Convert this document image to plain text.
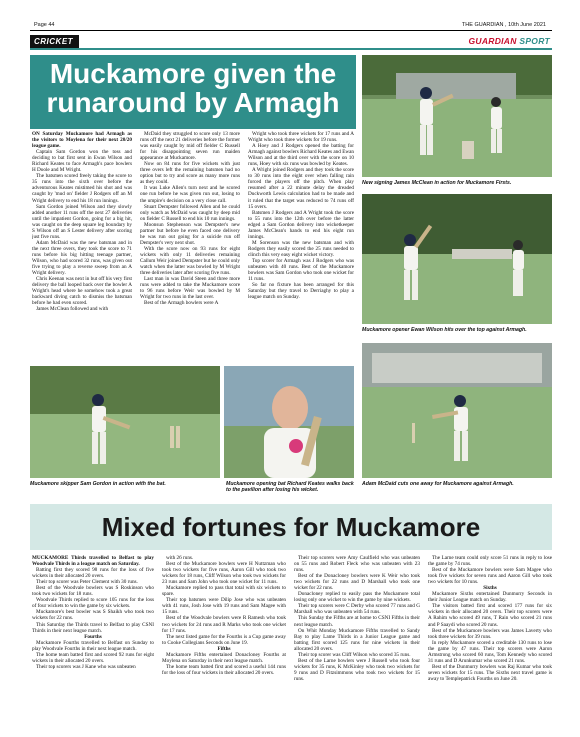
Page 44	THE GUARDIAN , 10th June 2021
CRICKET	GUARDIAN SPORT
Muckamore given the
runaround by Armagh

ON Saturday Muckamore had Armagh as the visitors to Moylena for their next 20/20 league game.

Captain Sam Gordon won the toss and deciding to bat first sent in Ewan Wilson and Richard Keates to face Armagh's pace bowlers H Doole and M Wright.

The batsmen scored freely taking the score to 35 runs into the sixth over before the adventurous Keates mistimed his shot and was caught by 'mud on' fielder J Rodgers off an M Wright delivery to end his 18 run innings.

Sam Gordon joined Wilson and they slowly added another 11 runs off the next 27 deliveries until the impatient Gordon, going for a big hit, was caught on the deep square leg boundary by S Wilson off an S Lester delivery after scoring just five runs.

Adam McDaid was the new batsman and in the next three overs, they took the score to 71 runs before his big hitting teenage partner, Wilson, who had scored 32 runs, was given out five trying to play a reverse sweep from an A Wright delivery.

Chris Keenan was next in but off his very first delivery the ball looped back over the bowler A Wright's head where he somehow took a great backward diving catch to dismiss the batsman before he had even scored.

James McClean followed and with

McDaid they struggled to score only 13 more runs off the next 21 deliveries before the former was easily caught by mid off fielder C Russell for his disappointing seven run maiden appearance at Muckamore.

Now on 84 runs for five wickets with just three overs left the remaining batsmen had no option but to try and score as many more runs as they could.

It was Luke Allen's turn next and he scored one run before he was given run out, losing to the umpire's decision on a very close call.

Stuart Dempster followed Allen and he could only watch as McDaid was caught by deep mid on fielder C Russell to end his 10 run innings.

Moonsun Stephenson was Dempster's new partner but before he even faced one delivery he was run out going for a suicide run off Dempster's very next shot.

With the score now on 93 runs for eight wickets with only 11 deliveries remaining Callum Weir joined Dempster but he could only watch when the latter was bowled by M Wright three deliveries later after scoring five runs.

Last man in was David Steen and three more runs were added to take the Muckamore score to 96 runs before Weir was bowled by M Wright for two runs in the last over.

Best of the Armagh bowlers were A

Wright who took three wickets for 17 runs and A Wright who took three wickets for 19 runs.

A Hoey and J Rodgers opened the batting for Armagh against bowlers Richard Keates and Ewan Wilson and at the third over with the score on 10 runs, Hoey with six runs was bowled by Keates.

A Wright joined Rodgers and they took the score to 30 runs into the eight over when falling rain forced the players off the pitch. When play resumed after a 22 minute delay the dreaded Duckworth Lewis calculation had to be made and it ruled that the target was reduced to 74 runs off 15 overs.

Batsmen J Rodgers and A Wright took the score to 55 runs into the 12th over before the latter edged a Sam Gordon delivery into wicketkeeper James McClean's hands to end his eight run innings.

M Sorenson was the new batsman and with Rodgers they easily scored the 25 runs needed to clinch this very easy eight wicket victory.

Top scorer for Armagh was J Rodgers who was unbeaten with 40 runs. Best of the Muckamore bowlers was Sam Gordon who took one wicket for 11 runs.

So far no fixture has been arranged for this Saturday but they travel to Derriaghy to play a league match on Sunday.

New signing James McClean in action for Muckamore Firsts.
Muckamore opener Ewan Wilson hits over the top against Armagh.
Muckamore skipper Sam Gordon in action with the bat.	Muckamore opening bat Richard Keates walks back to the pavilion after losing his wicket.
Adam McDaid cuts one away for Muckamore against Armagh.
Mixed fortunes for Muckamore

MUCKAMORE Thirds travelled to Belfast to play Woodvale Thirds in a league match on Saturday.

Batting first they scored 98 runs for the loss of five wickets in their allocated 20 overs.

Their top scorer was Peter Clement with 30 runs.

Best of the Woodvale bowlers was S Roskinson who took two wickets for 18 runs.

Woodvale Thirds replied to score 105 runs for the loss of four wickets to win the game by six wickets.

Muckamore's best bowler was S Shaikh who took two wickets for 22 runs.

This Saturday the Thirds travel to Belfast to play CSNI Thirds in their next league match.

Fourths

Muckamore Fourths travelled to Belfast on Sunday to play Woodvale Fourths in their next league match.

The home team batted first and scored 92 runs for eight wickets in their allocated 20 overs.

Their top scorers was J Kane who was unbeaten

with 26 runs.

Best of the Muckamore bowlers were H Nuttzman who took two wickets for five runs, Aaron Gill who took two wickets for 18 runs, Cliff Wilson who took two wickets for 23 runs and Sam John who took one wicket for 11 runs.

Muckamore replied to pass that total with six wickets to spare.

Their top batsmen were Dilip Jose who was unbeaten with 41 runs, Josh Jose with 19 runs and Sam Magee with 15 runs.

Best of the Woodvale bowlers were R Ramesh who took two wickets for 24 runs and R Marks who took one wicket for 17 runs.

The next listed game for the Fourths is a Cup game away to Cooke Collegians Seconds on June 19.

Fifths

Muckamore Fifths entertained Donacloney Fourths at Moylena on Saturday in their next league match.

The home team batted first and scored a useful 144 runs for the loss of four wickets in their allocated 20 overs.

Their top scorers were Amy Caulfield who was unbeaten on 55 runs and Robert Fleck who was unbeaten with 23 runs.

Best of the Donacloney bowlers were K Weir who took two wickets for 22 runs and D Marshall who took one wicket for 22 runs.

Donacloney replied to easily pass the Muckamore total losing only one wicket to win the game by nine wickets.

Their top scorers were C Derby who scored 77 runs and G Marshall who was unbeaten with 54 runs.

This Sunday the Fifths are at home to CSNI Fifths in their next league match.

On Whit Monday Muckamore Fifths travelled to Sandy Bay to play Lame Thirds in a Junior League game and batting first scored 125 runs for nine wickets in their allocated 20 overs.

Their top scorer was Cliff Wilson who scored 35 runs.

Best of the Larne bowlers were J Russell who took four wickets for 35 runs, K McKinley who took two wickets for 9 runs and D Fitzsimmons who took two wickets for 15 runs.

The Larne team could only score 51 runs in reply to lose the game by 74 runs.

Best of the Muckamore bowlers were Sam Magee who took five wickets for seven runs and Aaron Gill who took two wickets for 10 runs.

Sixths

Muckamore Sixths entertained Dunmurry Seconds in their Junior League match on Sunday.

The visitors batted first and scored 177 runs for six wickets in their allocated 20 overs. Their top scorers were A Rahim who scored 49 runs, T Rain who scored 21 runs and P Saaydi who scored 20 runs.

Best of the Muckamore bowlers was James Laverty who took three wickets for 39 runs.

In reply Muckamore scored a creditable 130 runs to lose the game by 47 runs. Their top scorers were Aaron Armstrong who scored 60 runs, Tom Kennedy who scored 31 runs and D Arunkumar who scored 21 runs.

Best of the Dunmurry bowlers was Raj Kumar who took seven wickets for 15 runs. The Sixths next travel game is away to Templepatrick Fourths on June 20.
